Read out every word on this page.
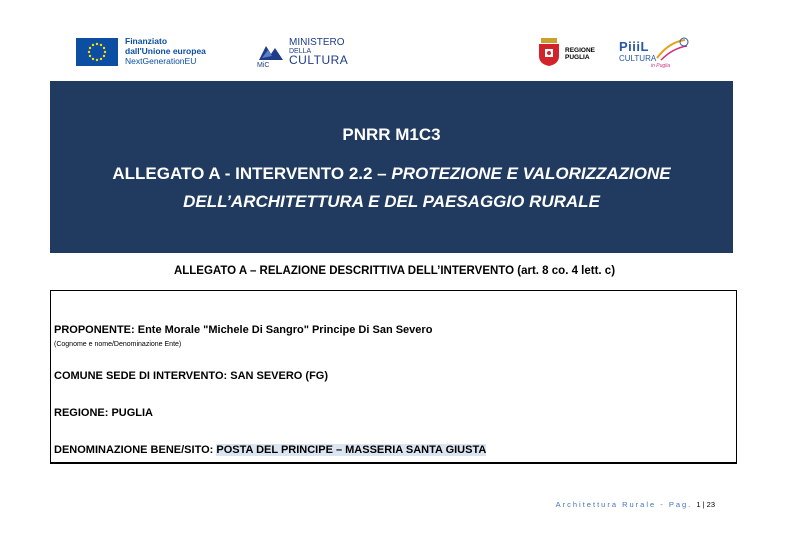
Finanziato
dall'Unione europea
NextGenerationEU	MiC
MINISTERO
DELLA
CULTURA
REGIONE
PUGLIA
PiiiL
CULTURA
in Puglia
PNRR M1C3
ALLEGATO A - INTERVENTO 2.2 – PROTEZIONE E VALORIZZAZIONE DELL’ARCHITETTURA E DEL PAESAGGIO RURALE
ALLEGATO A – RELAZIONE DESCRITTIVA DELL’INTERVENTO (art. 8 co. 4 lett. c)
PROPONENTE: Ente Morale "Michele Di Sangro" Principe Di San Severo
(Cognome e nome/Denominazione Ente)
COMUNE SEDE DI INTERVENTO: SAN SEVERO (FG)
REGIONE: PUGLIA
DENOMINAZIONE BENE/SITO: POSTA DEL PRINCIPE – MASSERIA SANTA GIUSTA
Architettura Rurale - Pag. 1 | 23
